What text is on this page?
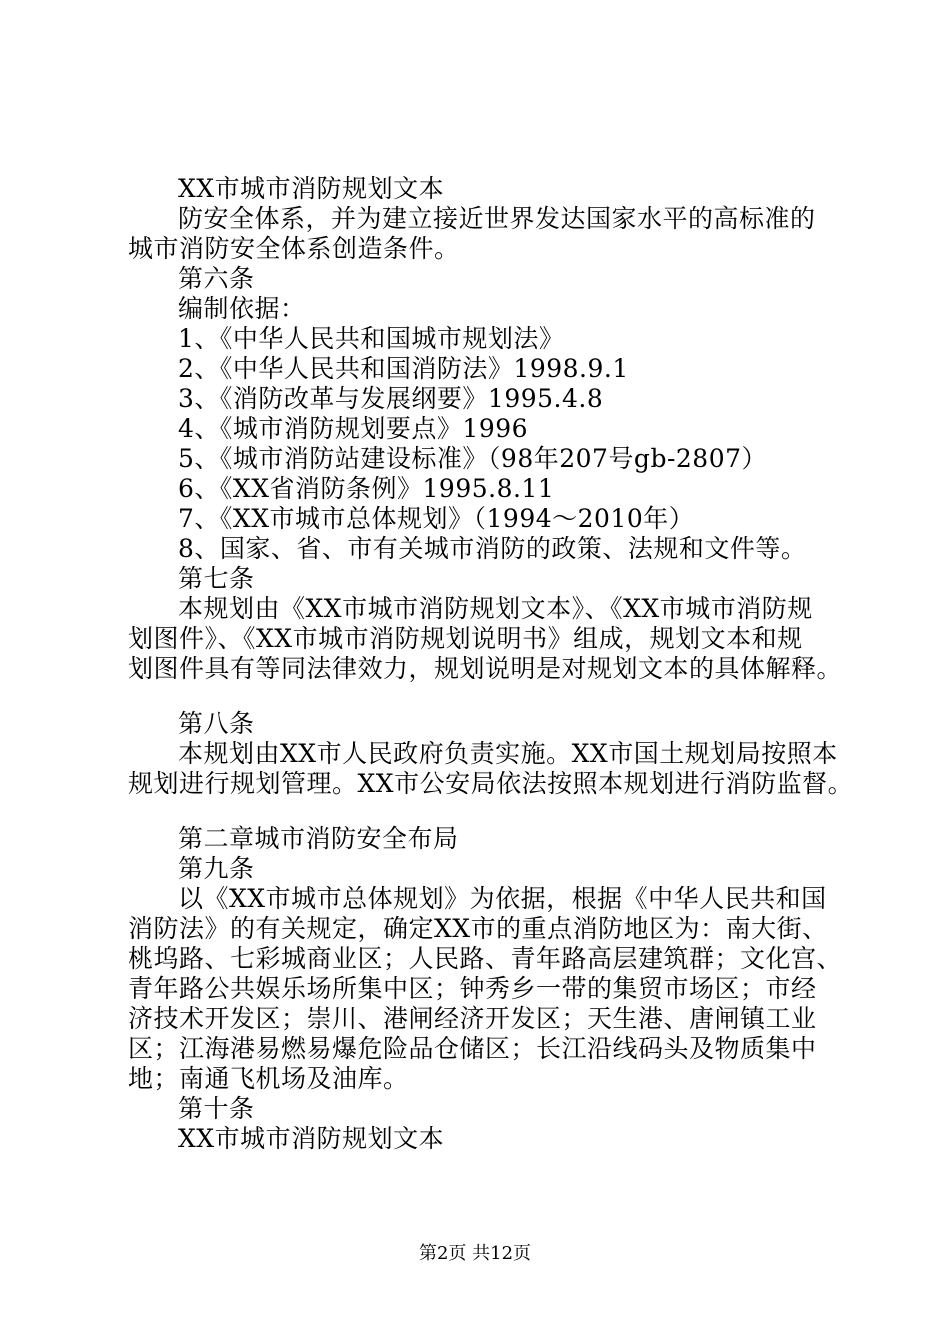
XX市城市消防规划文本
防安全体系，并为建立接近世界发达国家水平的高标准的
城市消防安全体系创造条件。
第六条
编制依据：
1、《中华人民共和国城市规划法》
2、《中华人民共和国消防法》1998.9.1
3、《消防改革与发展纲要》1995.4.8
4、《城市消防规划要点》1996
5、《城市消防站建设标准》（98年207号gb-2807）
6、《XX省消防条例》1995.8.11
7、《XX市城市总体规划》（1994～2010年）
8、国家、省、市有关城市消防的政策、法规和文件等。
第七条
本规划由《XX市城市消防规划文本》、《XX市城市消防规
划图件》、《XX市城市消防规划说明书》组成，规划文本和规
划图件具有等同法律效力，规划说明是对规划文本的具体解释。
第八条
本规划由XX市人民政府负责实施。XX市国土规划局按照本
规划进行规划管理。XX市公安局依法按照本规划进行消防监督。
第二章城市消防安全布局
第九条
以《XX市城市总体规划》为依据，根据《中华人民共和国
消防法》的有关规定，确定XX市的重点消防地区为：南大街、
桃坞路、七彩城商业区；人民路、青年路高层建筑群；文化宫、
青年路公共娱乐场所集中区；钟秀乡一带的集贸市场区；市经
济技术开发区；崇川、港闸经济开发区；天生港、唐闸镇工业
区；江海港易燃易爆危险品仓储区；长江沿线码头及物质集中
地；南通飞机场及油库。
第十条
XX市城市消防规划文本
第2页 共12页
